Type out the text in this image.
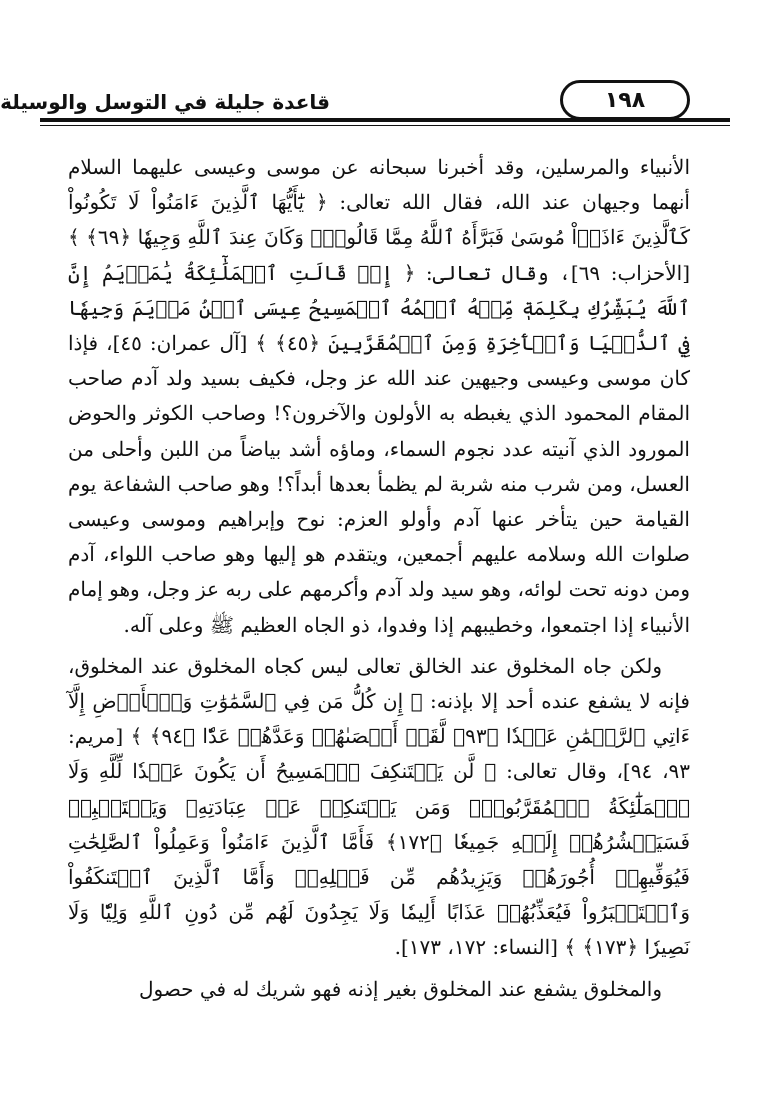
قاعدة جليلة في التوسل والوسيلة	١٩٨

الأنبياء والمرسلين، وقد أخبرنا سبحانه عن موسى وعيسى عليهما السلام أنهما وجيهان عند الله، فقال الله تعالى: ﴿ يَٰٓأَيُّهَا ٱلَّذِينَ ءَامَنُواْ لَا تَكُونُواْ كَٱلَّذِينَ ءَاذَوۡاْ مُوسَىٰ فَبَرَّأَهُ ٱللَّهُ مِمَّا قَالُواْۚ وَكَانَ عِندَ ٱللَّهِ وَجِيهٗا ﴿٦٩﴾ ﴾ [الأحزاب: ٦٩]، وقال تعالى: ﴿ إِذۡ قَالَتِ ٱلۡمَلَٰٓئِكَةُ يَٰمَرۡيَمُ إِنَّ ٱللَّهَ يُبَشِّرُكِ بِكَلِمَةٖ مِّنۡهُ ٱسۡمُهُ ٱلۡمَسِيحُ عِيسَى ٱبۡنُ مَرۡيَمَ وَجِيهٗا فِي ٱلدُّنۡيَا وَٱلۡأٓخِرَةِ وَمِنَ ٱلۡمُقَرَّبِينَ ﴿٤٥﴾ ﴾ [آل عمران: ٤٥]، فإذا كان موسى وعيسى وجيهين عند الله عز وجل، فكيف بسيد ولد آدم صاحب المقام المحمود الذي يغبطه به الأولون والآخرون؟! وصاحب الكوثر والحوض المورود الذي آنيته عدد نجوم السماء، وماؤه أشد بياضاً من اللبن وأحلى من العسل، ومن شرب منه شربة لم يظمأ بعدها أبداً؟! وهو صاحب الشفاعة يوم القيامة حين يتأخر عنها آدم وأولو العزم: نوح وإبراهيم وموسى وعيسى صلوات الله وسلامه عليهم أجمعين، ويتقدم هو إليها وهو صاحب اللواء، آدم ومن دونه تحت لوائه، وهو سيد ولد آدم وأكرمهم على ربه عز وجل، وهو إمام الأنبياء إذا اجتمعوا، وخطيبهم إذا وفدوا، ذو الجاه العظيم ﷺ وعلى آله.

ولكن جاه المخلوق عند الخالق تعالى ليس كجاه المخلوق عند المخلوق، فإنه لا يشفع عنده أحد إلا بإذنه: ﴿ إِن كُلُّ مَن فِي ٱلسَّمَٰوَٰتِ وَٱلۡأَرۡضِ إِلَّآ ءَاتِي ٱلرَّحۡمَٰنِ عَبۡدٗا ﴿٩٣﴾ لَّقَدۡ أَحۡصَىٰهُمۡ وَعَدَّهُمۡ عَدّٗا ﴿٩٤﴾ ﴾ [مريم: ٩٣، ٩٤]، وقال تعالى: ﴿ لَّن يَسۡتَنكِفَ ٱلۡمَسِيحُ أَن يَكُونَ عَبۡدٗا لِّلَّهِ وَلَا ٱلۡمَلَٰٓئِكَةُ ٱلۡمُقَرَّبُونَۚ وَمَن يَسۡتَنكِفۡ عَنۡ عِبَادَتِهِۦ وَيَسۡتَكۡبِرۡ فَسَيَحۡشُرُهُمۡ إِلَيۡهِ جَمِيعٗا ﴿١٧٢﴾ فَأَمَّا ٱلَّذِينَ ءَامَنُواْ وَعَمِلُواْ ٱلصَّٰلِحَٰتِ فَيُوَفِّيهِمۡ أُجُورَهُمۡ وَيَزِيدُهُم مِّن فَضۡلِهِۦۖ وَأَمَّا ٱلَّذِينَ ٱسۡتَنكَفُواْ وَٱسۡتَكۡبَرُواْ فَيُعَذِّبُهُمۡ عَذَابًا أَلِيمٗا وَلَا يَجِدُونَ لَهُم مِّن دُونِ ٱللَّهِ وَلِيّٗا وَلَا نَصِيرٗا ﴿١٧٣﴾ ﴾ [النساء: ١٧٢، ١٧٣].

والمخلوق يشفع عند المخلوق بغير إذنه فهو شريك له في حصول
